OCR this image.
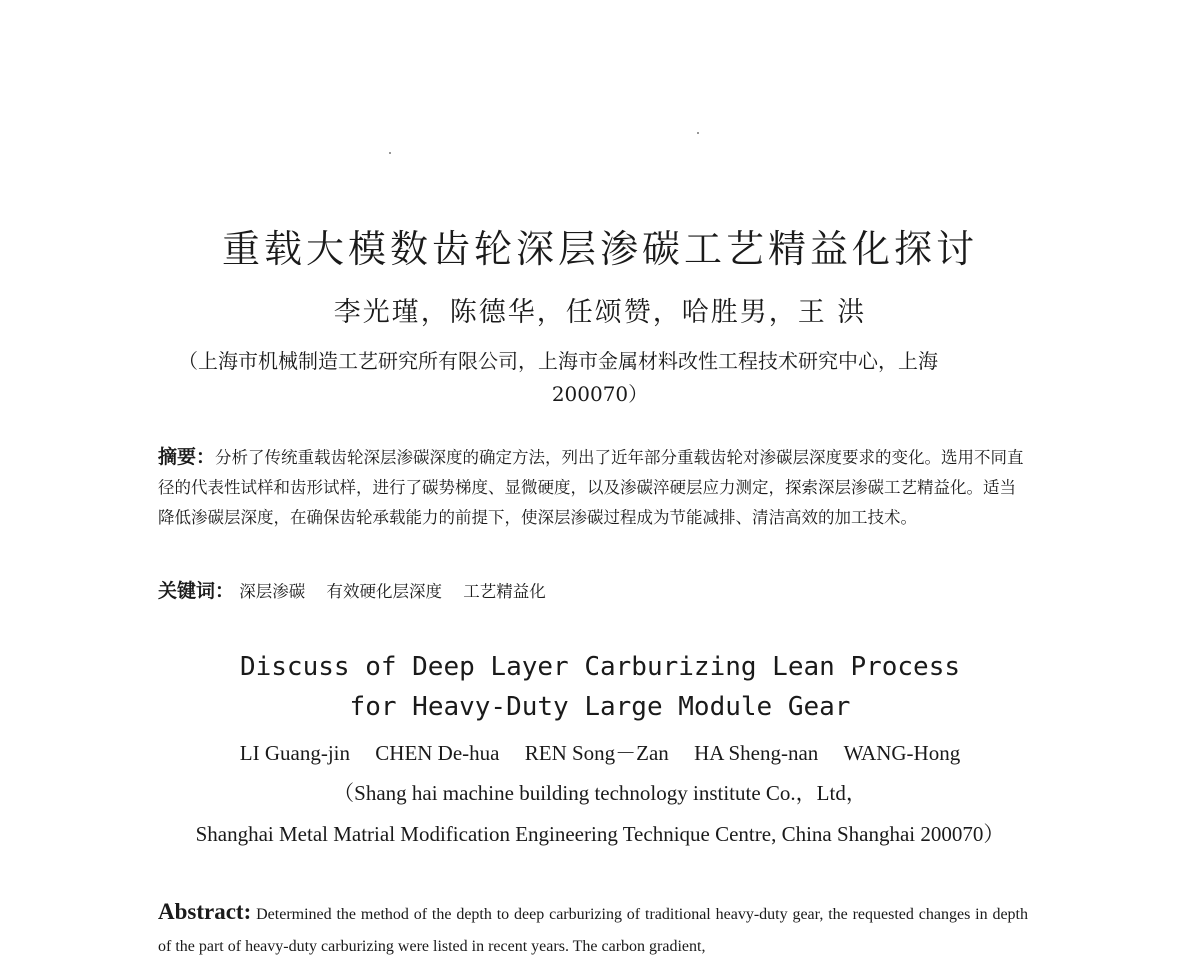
重载大模数齿轮深层渗碳工艺精益化探讨
李光瑾，陈德华，任颂赞，哈胜男，王 洪
（上海市机械制造工艺研究所有限公司，上海市金属材料改性工程技术研究中心，上海
200070）
摘要：分析了传统重载齿轮深层渗碳深度的确定方法，列出了近年部分重载齿轮对渗碳层深度要求的变化。选用不同直径的代表性试样和齿形试样，进行了碳势梯度、显微硬度，以及渗碳淬硬层应力测定，探索深层渗碳工艺精益化。适当降低渗碳层深度，在确保齿轮承载能力的前提下，使深层渗碳过程成为节能减排、清洁高效的加工技术。
关键词： 深层渗碳 有效硬化层深度 工艺精益化
Discuss of Deep Layer Carburizing Lean Process
for Heavy-Duty Large Module Gear
LI Guang-jin CHEN De-hua REN Song－Zan HA Sheng-nan WANG-Hong
（Shang hai machine building technology institute Co.，Ltd，
Shanghai Metal Matrial Modification Engineering Technique Centre, China Shanghai 200070）
Abstract: Determined the method of the depth to deep carburizing of traditional heavy-duty gear, the requested changes in depth of the part of heavy-duty carburizing were listed in recent years. The carbon gradient,
